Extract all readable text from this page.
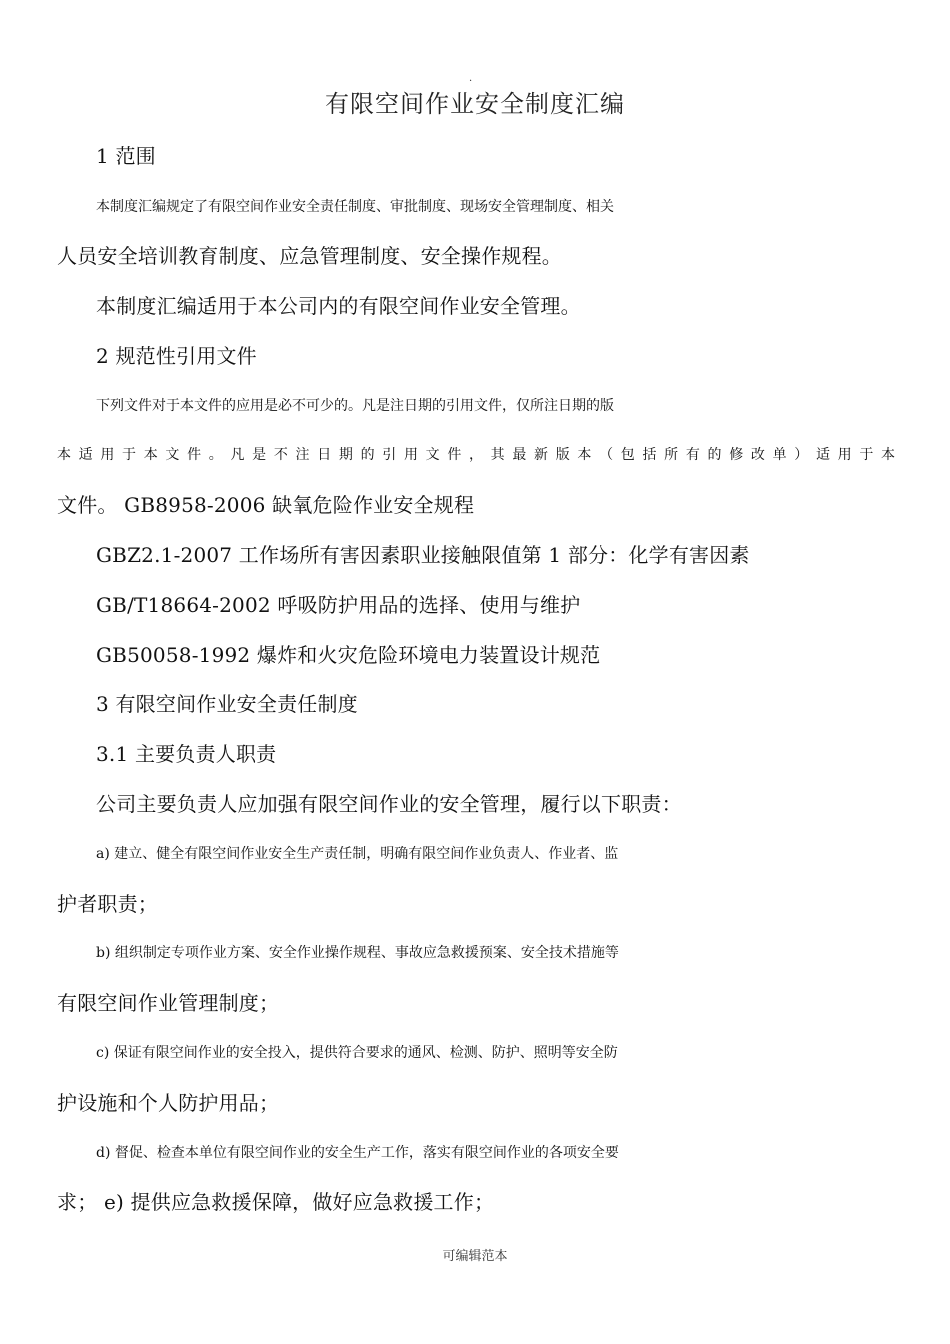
.
有限空间作业安全制度汇编
1 范围
本制度汇编规定了有限空间作业安全责任制度、审批制度、现场安全管理制度、相关
人员安全培训教育制度、应急管理制度、安全操作规程。
本制度汇编适用于本公司内的有限空间作业安全管理。
2 规范性引用文件
下列文件对于本文件的应用是必不可少的。凡是注日期的引用文件，仅所注日期的版
本适用于本文件。凡是不注日期的引用文件，其最新版本（包括所有的修改单）适用于本
文件。 GB8958-2006 缺氧危险作业安全规程
GBZ2.1-2007 工作场所有害因素职业接触限值第 1 部分：化学有害因素
GB/T18664-2002 呼吸防护用品的选择、使用与维护
GB50058-1992 爆炸和火灾危险环境电力装置设计规范
3 有限空间作业安全责任制度
3.1 主要负责人职责
公司主要负责人应加强有限空间作业的安全管理，履行以下职责：
a) 建立、健全有限空间作业安全生产责任制，明确有限空间作业负责人、作业者、监
护者职责；
b) 组织制定专项作业方案、安全作业操作规程、事故应急救援预案、安全技术措施等
有限空间作业管理制度；
c) 保证有限空间作业的安全投入，提供符合要求的通风、检测、防护、照明等安全防
护设施和个人防护用品；
d) 督促、检查本单位有限空间作业的安全生产工作，落实有限空间作业的各项安全要
求； e) 提供应急救援保障，做好应急救援工作；
可编辑范本
